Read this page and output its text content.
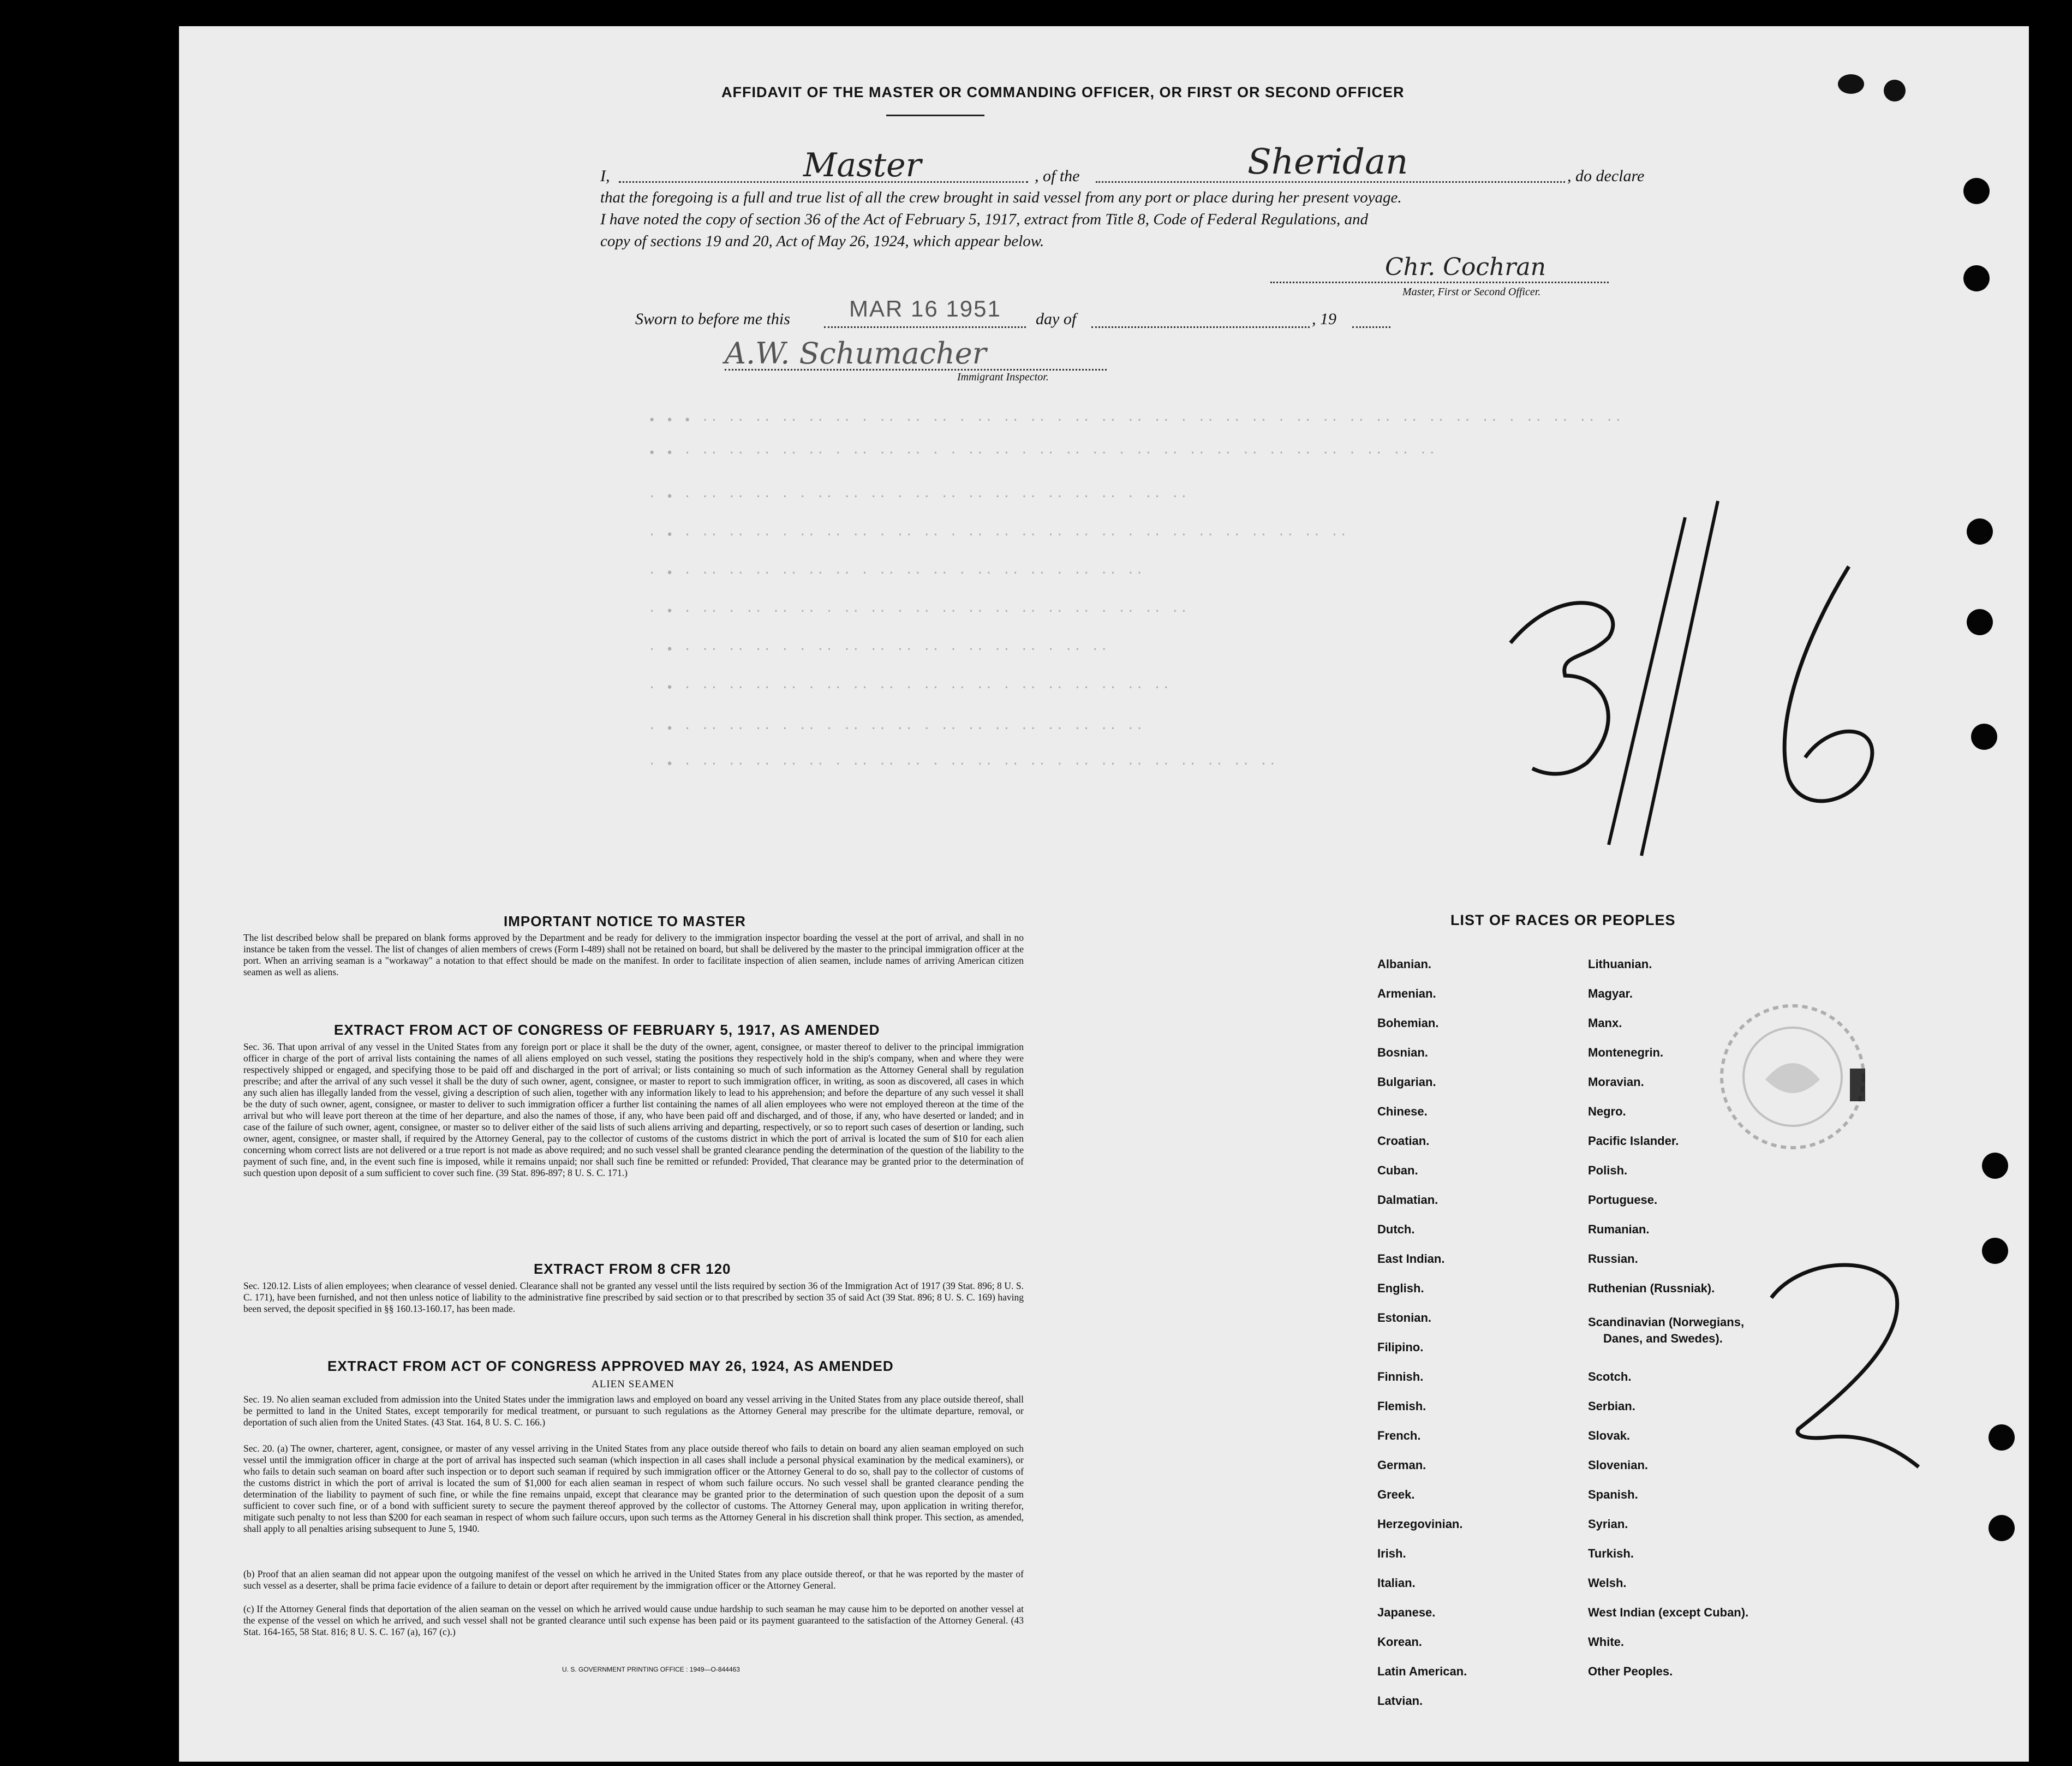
AFFIDAVIT OF THE MASTER OR COMMANDING OFFICER, OR FIRST OR SECOND OFFICER
I,	Master	, of the	Sheridan	, do declare
that the foregoing is a full and true list of all the crew brought in said vessel from any port or place during her present voyage.
I have noted the copy of section 36 of the Act of February 5, 1917, extract from Title 8, Code of Federal Regulations, and
copy of sections 19 and 20, Act of May 26, 1924, which appear below.
Chr. Cochran
Master, First or Second Officer.
Sworn to before me this	MAR 16 1951 day of	, 19
A.W. Schumacher
Immigrant Inspector.
• • • ·· ·· ·· ·· ·· ·· · ·· ·· ·· · ·· ·· ·· · ·· ·· ·· ·· · ·· ·· ·· · ·· ·· ·· ·· ·· ·· ·· ·· · ·· ·· ·· ··
• • · ·· ·· ·· ·· ·· · ·· ·· ·· · · ·· ·· · ·· ·· ·· · ·· ·· ·· ·· ·· ·· ·· ·· · ·· ·· ··
· • · ·· ·· ·· · · ·· ·· ·· · ·· ·· ·· ·· ·· ·· ·· ·· · ·· ··
· • · ·· ·· ·· · ·· ·· ·· · ·· ·· · ·· ·· ·· ·· ·· ·· · ·· ·· ·· ·· ·· ·· ·· ··
· • · ·· ·· ·· ·· ·· ·· · ·· ·· ·· · ·· ·· ·· · ·· ·· ··
· • · ·· · ·· ·· ·· · ·· ·· · ·· ·· ·· ·· ·· ·· ·· · ·· ·· ··
· • · ·· ·· ·· · · ·· ·· ·· ·· ·· · ·· ·· ·· · ·· ··
· • · ·· ·· ·· ·· · ·· ·· ·· · ·· ·· ·· · ·· ·· ·· ·· ·· ··
· • · ·· ·· ·· · ·· · ·· ·· ·· · ·· ·· ·· ·· ·· ·· ·· ··
· • · ·· ·· ·· ·· ·· · ·· ·· ·· · ·· ·· ·· ·· · ·· ·· ·· ·· ·· ·· ·· ··
3/16
IMPORTANT NOTICE TO MASTER
The list described below shall be prepared on blank forms approved by the Department and be ready for delivery to the immigration inspector boarding the vessel at the port of arrival, and shall in no instance be taken from the vessel. The list of changes of alien members of crews (Form I-489) shall not be retained on board, but shall be delivered by the master to the principal immigration officer at the port. When an arriving seaman is a "workaway" a notation to that effect should be made on the manifest. In order to facilitate inspection of alien seamen, include names of arriving American citizen seamen as well as aliens.
EXTRACT FROM ACT OF CONGRESS OF FEBRUARY 5, 1917, AS AMENDED
Sec. 36. That upon arrival of any vessel in the United States from any foreign port or place it shall be the duty of the owner, agent, consignee, or master thereof to deliver to the principal immigration officer in charge of the port of arrival lists containing the names of all aliens employed on such vessel, stating the positions they respectively hold in the ship's company, when and where they were respectively shipped or engaged, and specifying those to be paid off and discharged in the port of arrival; or lists containing so much of such information as the Attorney General shall by regulation prescribe; and after the arrival of any such vessel it shall be the duty of such owner, agent, consignee, or master to report to such immigration officer, in writing, as soon as discovered, all cases in which any such alien has illegally landed from the vessel, giving a description of such alien, together with any information likely to lead to his apprehension; and before the departure of any such vessel it shall be the duty of such owner, agent, consignee, or master to deliver to such immigration officer a further list containing the names of all alien employees who were not employed thereon at the time of the arrival but who will leave port thereon at the time of her departure, and also the names of those, if any, who have been paid off and discharged, and of those, if any, who have deserted or landed; and in case of the failure of such owner, agent, consignee, or master so to deliver either of the said lists of such aliens arriving and departing, respectively, or so to report such cases of desertion or landing, such owner, agent, consignee, or master shall, if required by the Attorney General, pay to the collector of customs of the customs district in which the port of arrival is located the sum of $10 for each alien concerning whom correct lists are not delivered or a true report is not made as above required; and no such vessel shall be granted clearance pending the determination of the question of the liability to the payment of such fine, and, in the event such fine is imposed, while it remains unpaid; nor shall such fine be remitted or refunded: Provided, That clearance may be granted prior to the determination of such question upon deposit of a sum sufficient to cover such fine. (39 Stat. 896-897; 8 U. S. C. 171.)
EXTRACT FROM 8 CFR 120
Sec. 120.12. Lists of alien employees; when clearance of vessel denied. Clearance shall not be granted any vessel until the lists required by section 36 of the Immigration Act of 1917 (39 Stat. 896; 8 U. S. C. 171), have been furnished, and not then unless notice of liability to the administrative fine prescribed by said section or to that prescribed by section 35 of said Act (39 Stat. 896; 8 U. S. C. 169) having been served, the deposit specified in §§ 160.13-160.17, has been made.
EXTRACT FROM ACT OF CONGRESS APPROVED MAY 26, 1924, AS AMENDED
ALIEN SEAMEN
Sec. 19. No alien seaman excluded from admission into the United States under the immigration laws and employed on board any vessel arriving in the United States from any place outside thereof, shall be permitted to land in the United States, except temporarily for medical treatment, or pursuant to such regulations as the Attorney General may prescribe for the ultimate departure, removal, or deportation of such alien from the United States. (43 Stat. 164, 8 U. S. C. 166.)
Sec. 20. (a) The owner, charterer, agent, consignee, or master of any vessel arriving in the United States from any place outside thereof who fails to detain on board any alien seaman employed on such vessel until the immigration officer in charge at the port of arrival has inspected such seaman (which inspection in all cases shall include a personal physical examination by the medical examiners), or who fails to detain such seaman on board after such inspection or to deport such seaman if required by such immigration officer or the Attorney General to do so, shall pay to the collector of customs of the customs district in which the port of arrival is located the sum of $1,000 for each alien seaman in respect of whom such failure occurs. No such vessel shall be granted clearance pending the determination of the liability to payment of such fine, or while the fine remains unpaid, except that clearance may be granted prior to the determination of such question upon the deposit of a sum sufficient to cover such fine, or of a bond with sufficient surety to secure the payment thereof approved by the collector of customs. The Attorney General may, upon application in writing therefor, mitigate such penalty to not less than $200 for each seaman in respect of whom such failure occurs, upon such terms as the Attorney General in his discretion shall think proper. This section, as amended, shall apply to all penalties arising subsequent to June 5, 1940.
(b) Proof that an alien seaman did not appear upon the outgoing manifest of the vessel on which he arrived in the United States from any place outside thereof, or that he was reported by the master of such vessel as a deserter, shall be prima facie evidence of a failure to detain or deport after requirement by the immigration officer or the Attorney General.
(c) If the Attorney General finds that deportation of the alien seaman on the vessel on which he arrived would cause undue hardship to such seaman he may cause him to be deported on another vessel at the expense of the vessel on which he arrived, and such vessel shall not be granted clearance until such expense has been paid or its payment guaranteed to the satisfaction of the Attorney General. (43 Stat. 164-165, 58 Stat. 816; 8 U. S. C. 167 (a), 167 (c).)
U. S. GOVERNMENT PRINTING OFFICE : 1949—O-844463
LIST OF RACES OR PEOPLES
Albanian.
Armenian.
Bohemian.
Bosnian.
Bulgarian.
Chinese.
Croatian.
Cuban.
Dalmatian.
Dutch.
East Indian.
English.
Estonian.
Filipino.
Finnish.
Flemish.
French.
German.
Greek.
Herzegovinian.
Irish.
Italian.
Japanese.
Korean.
Latin American.
Latvian.
Lithuanian.
Magyar.
Manx.
Montenegrin.
Moravian.
Negro.
Pacific Islander.
Polish.
Portuguese.
Rumanian.
Russian.
Ruthenian (Russniak).
Scandinavian (Norwegians,
Danes, and Swedes).
Scotch.
Serbian.
Slovak.
Slovenian.
Spanish.
Syrian.
Turkish.
Welsh.
West Indian (except Cuban).
White.
Other Peoples.
2
